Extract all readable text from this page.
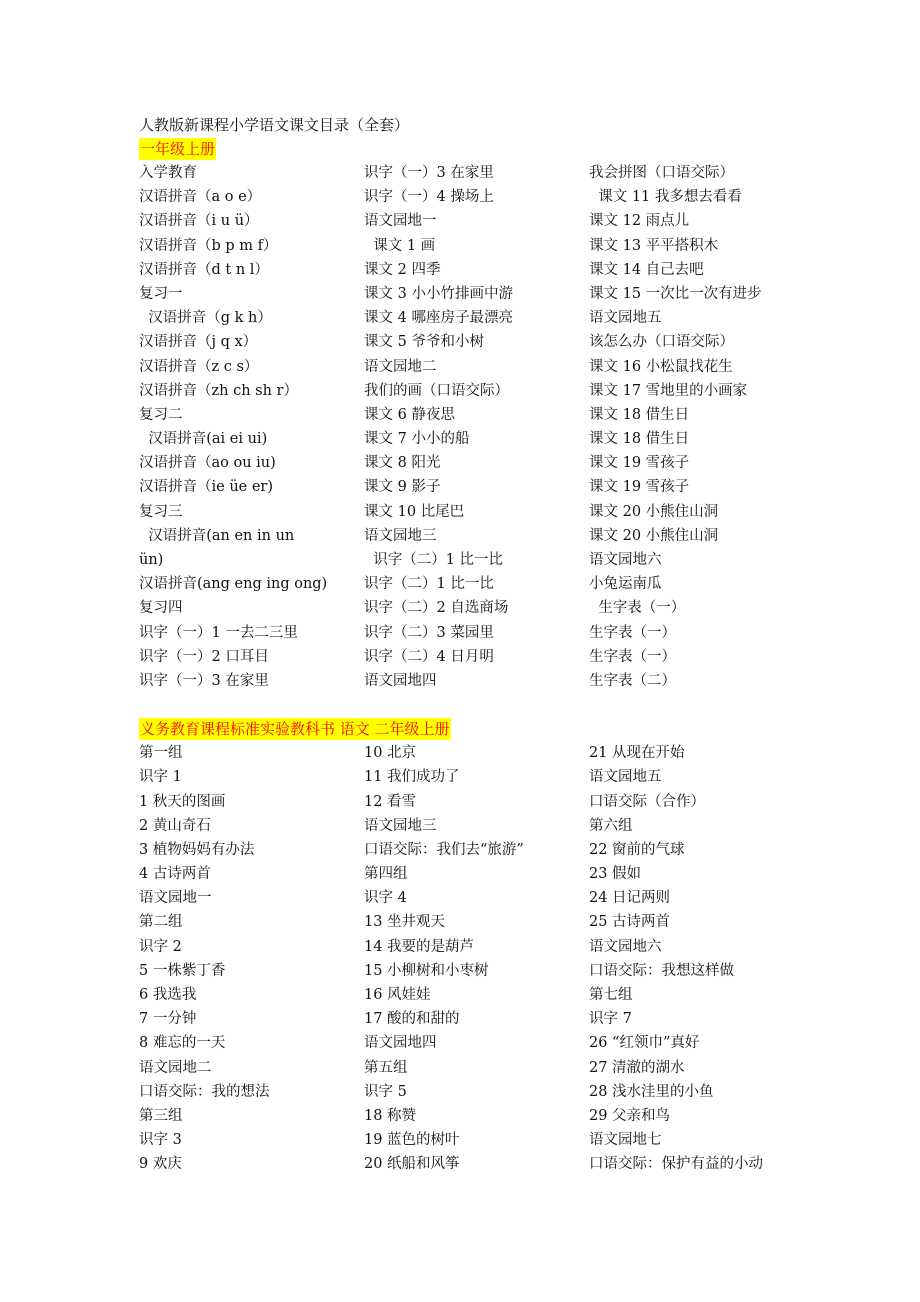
人教版新课程小学语文课文目录（全套）
一年级上册
入学教育
汉语拼音（a o e）
汉语拼音（i u ü）
汉语拼音（b p m f）
汉语拼音（d t n l）
复习一
汉语拼音（g k h）
汉语拼音（j q x）
汉语拼音（z c s）
汉语拼音（zh ch sh r）
复习二
汉语拼音(ai ei ui)
汉语拼音（ao ou iu)
汉语拼音（ie üe er)
复习三
汉语拼音(an en in un
ün)
汉语拼音(ang eng ing ong)
复习四
识字（一）1 一去二三里
识字（一）2 口耳目
识字（一）3 在家里
识字（一）3 在家里
识字（一）4 操场上
语文园地一
课文 1 画
课文 2 四季
课文 3 小小竹排画中游
课文 4 哪座房子最漂亮
课文 5 爷爷和小树
语文园地二
我们的画（口语交际）
课文 6 静夜思
课文 7 小小的船
课文 8 阳光
课文 9 影子
课文 10 比尾巴
语文园地三
识字（二）1 比一比
识字（二）1 比一比
识字（二）2 自选商场
识字（二）3 菜园里
识字（二）4 日月明
语文园地四
我会拼图（口语交际）
课文 11 我多想去看看
课文 12 雨点儿
课文 13 平平搭积木
课文 14 自己去吧
课文 15 一次比一次有进步
语文园地五
该怎么办（口语交际）
课文 16 小松鼠找花生
课文 17 雪地里的小画家
课文 18 借生日
课文 18 借生日
课文 19 雪孩子
课文 19 雪孩子
课文 20 小熊住山洞
课文 20 小熊住山洞
语文园地六
小兔运南瓜
生字表（一）
生字表（一）
生字表（一）
生字表（二）
义务教育课程标准实验教科书 语文 二年级上册
第一组
识字 1
1 秋天的图画
2 黄山奇石
3 植物妈妈有办法
4 古诗两首
语文园地一
第二组
识字 2
5 一株紫丁香
6 我选我
7 一分钟
8 难忘的一天
语文园地二
口语交际：我的想法
第三组
识字 3
9 欢庆
10 北京
11 我们成功了
12 看雪
语文园地三
口语交际：我们去“旅游”
第四组
识字 4
13 坐井观天
14 我要的是葫芦
15 小柳树和小枣树
16 风娃娃
17 酸的和甜的
语文园地四
第五组
识字 5
18 称赞
19 蓝色的树叶
20 纸船和风筝
21 从现在开始
语文园地五
口语交际（合作）
第六组
22 窗前的气球
23 假如
24 日记两则
25 古诗两首
语文园地六
口语交际：我想这样做
第七组
识字 7
26 “红领巾”真好
27 清澈的湖水
28 浅水洼里的小鱼
29 父亲和鸟
语文园地七
口语交际：保护有益的小动
